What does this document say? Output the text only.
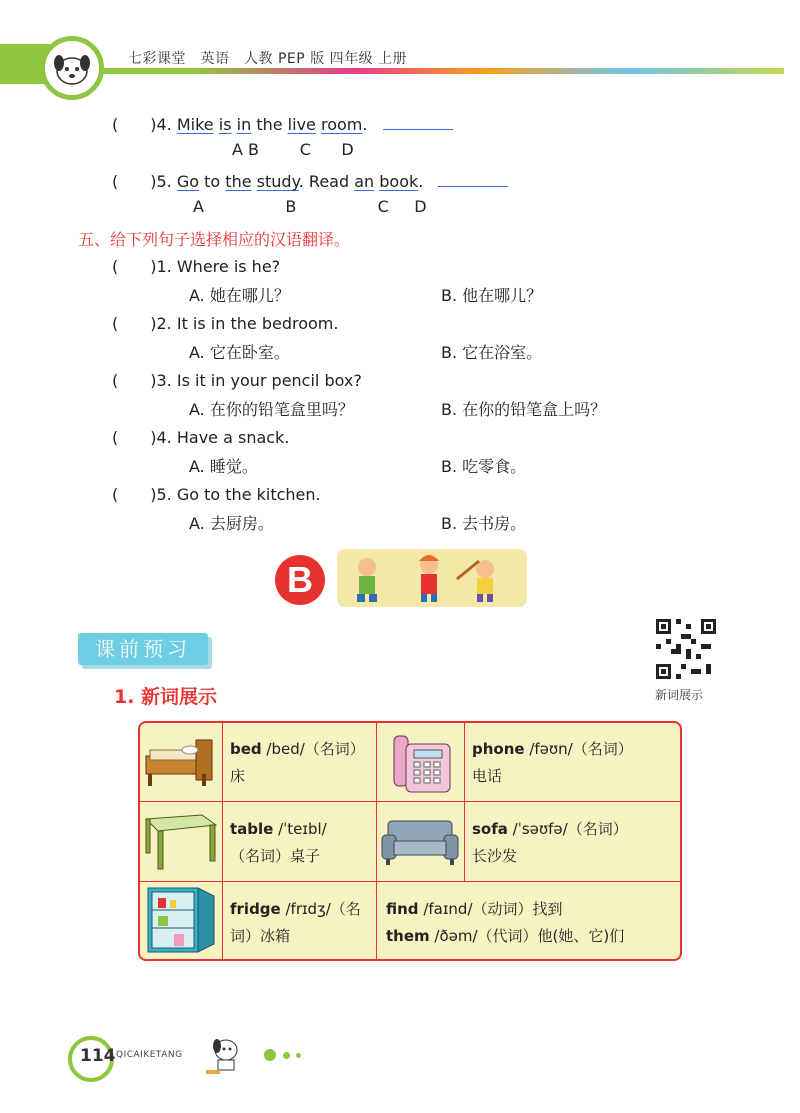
七彩课堂　英语　人教 PEP 版 四年级 上册
(　　)4. Mike is in the live room.
A B        C      D
(　　)5. Go to the study. Read an book.
A                B                C     D
五、给下列句子选择相应的汉语翻译。
(　　)1. Where is he?
A. 她在哪儿？	B. 他在哪儿？
(　　)2. It is in the bedroom.
A. 它在卧室。	B. 它在浴室。
(　　)3. Is it in your pencil box?
A. 在你的铅笔盒里吗？	B. 在你的铅笔盒上吗？
(　　)4. Have a snack.
A. 睡觉。	B. 吃零食。
(　　)5. Go to the kitchen.
A. 去厨房。	B. 去书房。
B
课前预习
1. 新词展示	新词展示
bed /bed/（名词）
床
phone /fəʊn/（名词）
电话
table /ˈteɪbl/
（名词）桌子
sofa /ˈsəʊfə/（名词）
长沙发
fridge /frɪdʒ/（名
词）冰箱
find /faɪnd/（动词）找到
them /ðəm/（代词）他(她、它)们
114 QICAIKETANG
